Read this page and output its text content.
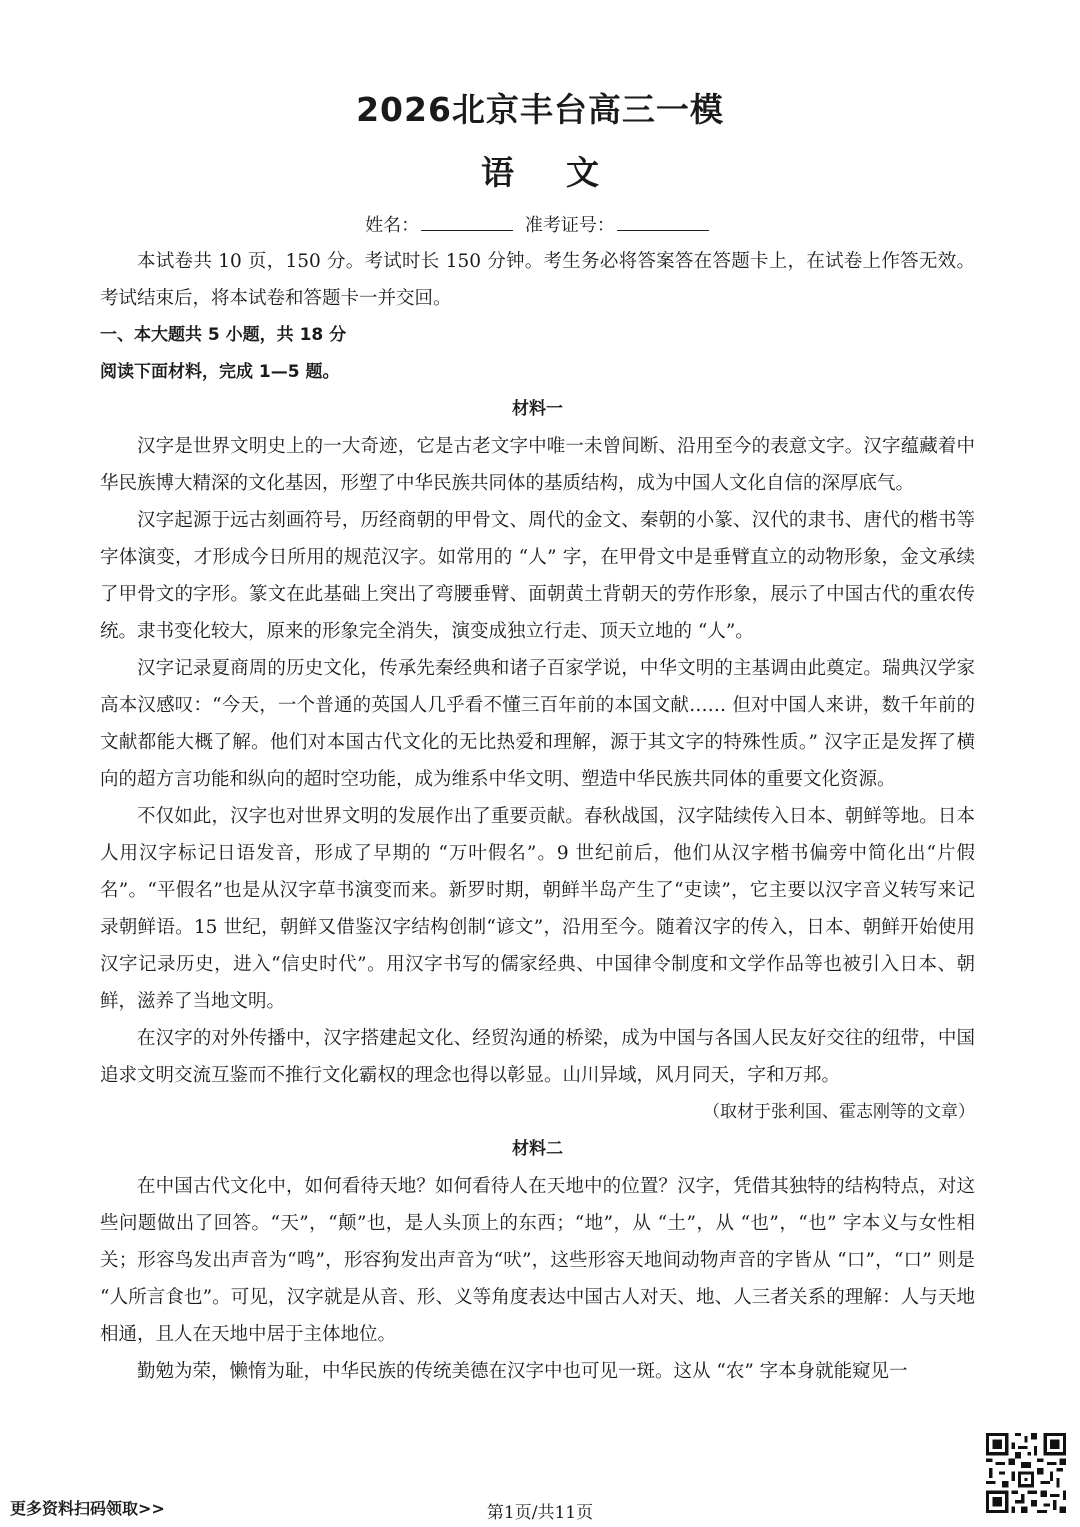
2026北京丰台高三一模
语文
姓名：	准考证号：

本试卷共 10 页，150 分。考试时长 150 分钟。考生务必将答案答在答题卡上，在试卷上作答无效。考试结束后，将本试卷和答题卡一并交回。

一、本大题共 5 小题，共 18 分

阅读下面材料，完成 1—5 题。

材料一

汉字是世界文明史上的一大奇迹，它是古老文字中唯一未曾间断、沿用至今的表意文字。汉字蕴藏着中华民族博大精深的文化基因，形塑了中华民族共同体的基质结构，成为中国人文化自信的深厚底气。

汉字起源于远古刻画符号，历经商朝的甲骨文、周代的金文、秦朝的小篆、汉代的隶书、唐代的楷书等字体演变，才形成今日所用的规范汉字。如常用的 “人” 字，在甲骨文中是垂臂直立的动物形象，金文承续了甲骨文的字形。篆文在此基础上突出了弯腰垂臂、面朝黄土背朝天的劳作形象，展示了中国古代的重农传统。隶书变化较大，原来的形象完全消失，演变成独立行走、顶天立地的 “人”。

汉字记录夏商周的历史文化，传承先秦经典和诸子百家学说，中华文明的主基调由此奠定。瑞典汉学家高本汉感叹：“今天，一个普通的英国人几乎看不懂三百年前的本国文献…… 但对中国人来讲，数千年前的文献都能大概了解。他们对本国古代文化的无比热爱和理解，源于其文字的特殊性质。” 汉字正是发挥了横向的超方言功能和纵向的超时空功能，成为维系中华文明、塑造中华民族共同体的重要文化资源。

不仅如此，汉字也对世界文明的发展作出了重要贡献。春秋战国，汉字陆续传入日本、朝鲜等地。日本人用汉字标记日语发音，形成了早期的 “万叶假名”。9 世纪前后，他们从汉字楷书偏旁中简化出“片假名”。“平假名”也是从汉字草书演变而来。新罗时期，朝鲜半岛产生了“吏读”，它主要以汉字音义转写来记录朝鲜语。15 世纪，朝鲜又借鉴汉字结构创制“谚文”，沿用至今。随着汉字的传入，日本、朝鲜开始使用汉字记录历史，进入“信史时代”。用汉字书写的儒家经典、中国律令制度和文学作品等也被引入日本、朝鲜，滋养了当地文明。

在汉字的对外传播中，汉字搭建起文化、经贸沟通的桥梁，成为中国与各国人民友好交往的纽带，中国追求文明交流互鉴而不推行文化霸权的理念也得以彰显。山川异域，风月同天，字和万邦。

（取材于张利国、霍志刚等的文章）

材料二

在中国古代文化中，如何看待天地？如何看待人在天地中的位置？汉字，凭借其独特的结构特点，对这些问题做出了回答。“天”，“颠”也，是人头顶上的东西；“地”，从 “土”，从 “也”，“也” 字本义与女性相关；形容鸟发出声音为“鸣”，形容狗发出声音为“吠”，这些形容天地间动物声音的字皆从 “口”，“口” 则是 “人所言食也”。可见，汉字就是从音、形、义等角度表达中国古人对天、地、人三者关系的理解：人与天地相通，且人在天地中居于主体地位。

勤勉为荣，懒惰为耻，中华民族的传统美德在汉字中也可见一斑。这从 “农” 字本身就能窥见一

更多资料扫码领取>>	第1页/共11页
